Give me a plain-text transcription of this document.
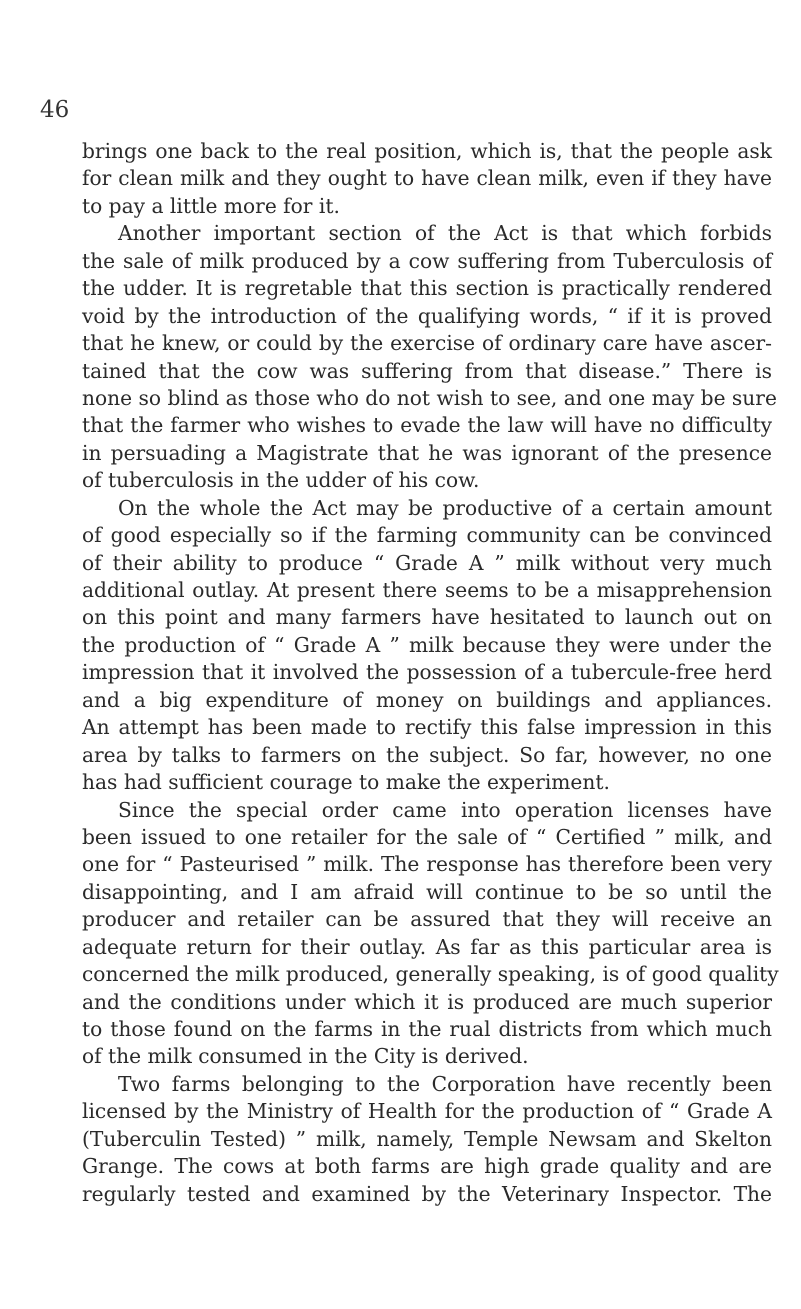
46
brings one back to the real position, which is, that the people ask
for clean milk and they ought to have clean milk, even if they have
to pay a little more for it.
Another important section of the Act is that which forbids
the sale of milk produced by a cow suffering from Tuberculosis of
the udder. It is regretable that this section is practically rendered
void by the introduction of the qualifying words, “ if it is proved
that he knew, or could by the exercise of ordinary care have ascer-
tained that the cow was suffering from that disease.” There is
none so blind as those who do not wish to see, and one may be sure
that the farmer who wishes to evade the law will have no difficulty
in persuading a Magistrate that he was ignorant of the presence
of tuberculosis in the udder of his cow.
On the whole the Act may be productive of a certain amount
of good especially so if the farming community can be convinced
of their ability to produce “ Grade A ” milk without very much
additional outlay. At present there seems to be a misapprehension
on this point and many farmers have hesitated to launch out on
the production of “ Grade A ” milk because they were under the
impression that it involved the possession of a tubercule-free herd
and a big expenditure of money on buildings and appliances.
An attempt has been made to rectify this false impression in this
area by talks to farmers on the subject. So far, however, no one
has had sufficient courage to make the experiment.
Since the special order came into operation licenses have
been issued to one retailer for the sale of “ Certified ” milk, and
one for “ Pasteurised ” milk. The response has therefore been very
disappointing, and I am afraid will continue to be so until the
producer and retailer can be assured that they will receive an
adequate return for their outlay. As far as this particular area is
concerned the milk produced, generally speaking, is of good quality
and the conditions under which it is produced are much superior
to those found on the farms in the rual districts from which much
of the milk consumed in the City is derived.
Two farms belonging to the Corporation have recently been
licensed by the Ministry of Health for the production of “ Grade A
(Tuberculin Tested) ” milk, namely, Temple Newsam and Skelton
Grange. The cows at both farms are high grade quality and are
regularly tested and examined by the Veterinary Inspector. The
